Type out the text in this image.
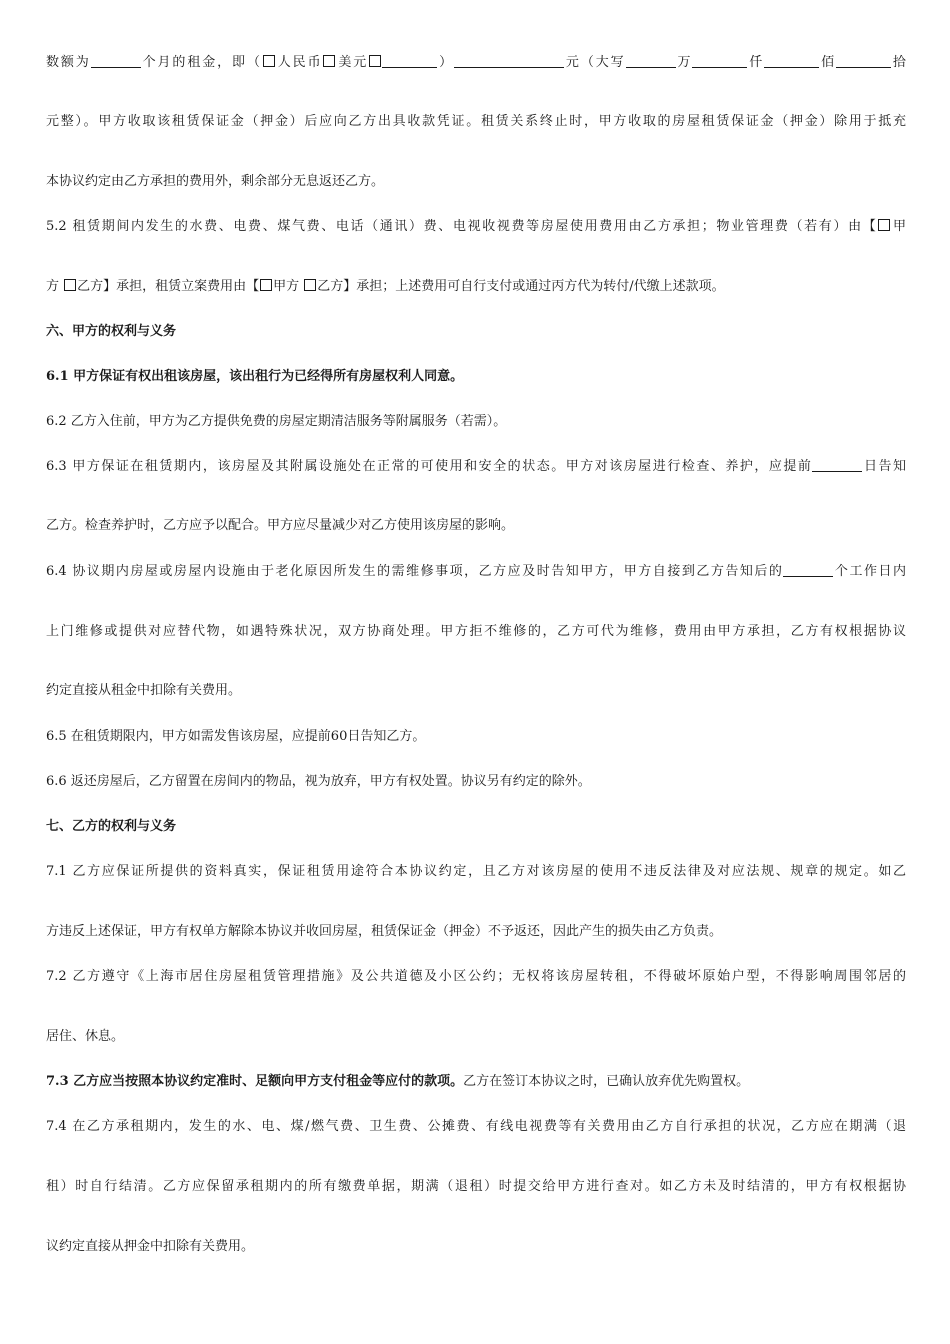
数额为	个月的租金，即（ 人民币 美元	）	元（大写	万	仟	佰	拾
元整）。甲方收取该租赁保证金（押金）后应向乙方出具收款凭证。租赁关系终止时，甲方收取的房屋租赁保证金（押金）除用于抵充
本协议约定由乙方承担的费用外，剩余部分无息返还乙方。
5.2 租赁期间内发生的水费、电费、煤气费、电话（通讯）费、电视收视费等房屋使用费用由乙方承担；物业管理费（若有）由【 甲
方 乙方】承担，租赁立案费用由【 甲方 乙方】承担；上述费用可自行支付或通过丙方代为转付/代缴上述款项。
六、甲方的权利与义务
6.1 甲方保证有权出租该房屋，该出租行为已经得所有房屋权利人同意。
6.2 乙方入住前，甲方为乙方提供免费的房屋定期清洁服务等附属服务（若需）。
6.3 甲方保证在租赁期内，该房屋及其附属设施处在正常的可使用和安全的状态。甲方对该房屋进行检查、养护，应提前	日告知
乙方。检查养护时，乙方应予以配合。甲方应尽量减少对乙方使用该房屋的影响。
6.4 协议期内房屋或房屋内设施由于老化原因所发生的需维修事项，乙方应及时告知甲方，甲方自接到乙方告知后的	个工作日内
上门维修或提供对应替代物，如遇特殊状况，双方协商处理。甲方拒不维修的，乙方可代为维修，费用由甲方承担，乙方有权根据协议
约定直接从租金中扣除有关费用。
6.5 在租赁期限内，甲方如需发售该房屋，应提前60日告知乙方。
6.6 返还房屋后，乙方留置在房间内的物品，视为放弃，甲方有权处置。协议另有约定的除外。
七、乙方的权利与义务
7.1 乙方应保证所提供的资料真实，保证租赁用途符合本协议约定，且乙方对该房屋的使用不违反法律及对应法规、规章的规定。如乙
方违反上述保证，甲方有权单方解除本协议并收回房屋，租赁保证金（押金）不予返还，因此产生的损失由乙方负责。
7.2 乙方遵守《上海市居住房屋租赁管理措施》及公共道德及小区公约；无权将该房屋转租，不得破坏原始户型，不得影响周围邻居的
居住、休息。
7.3 乙方应当按照本协议约定准时、足额向甲方支付租金等应付的款项。乙方在签订本协议之时，已确认放弃优先购置权。
7.4 在乙方承租期内，发生的水、电、煤/燃气费、卫生费、公摊费、有线电视费等有关费用由乙方自行承担的状况，乙方应在期满（退
租）时自行结清。乙方应保留承租期内的所有缴费单据，期满（退租）时提交给甲方进行查对。如乙方未及时结清的，甲方有权根据协
议约定直接从押金中扣除有关费用。
